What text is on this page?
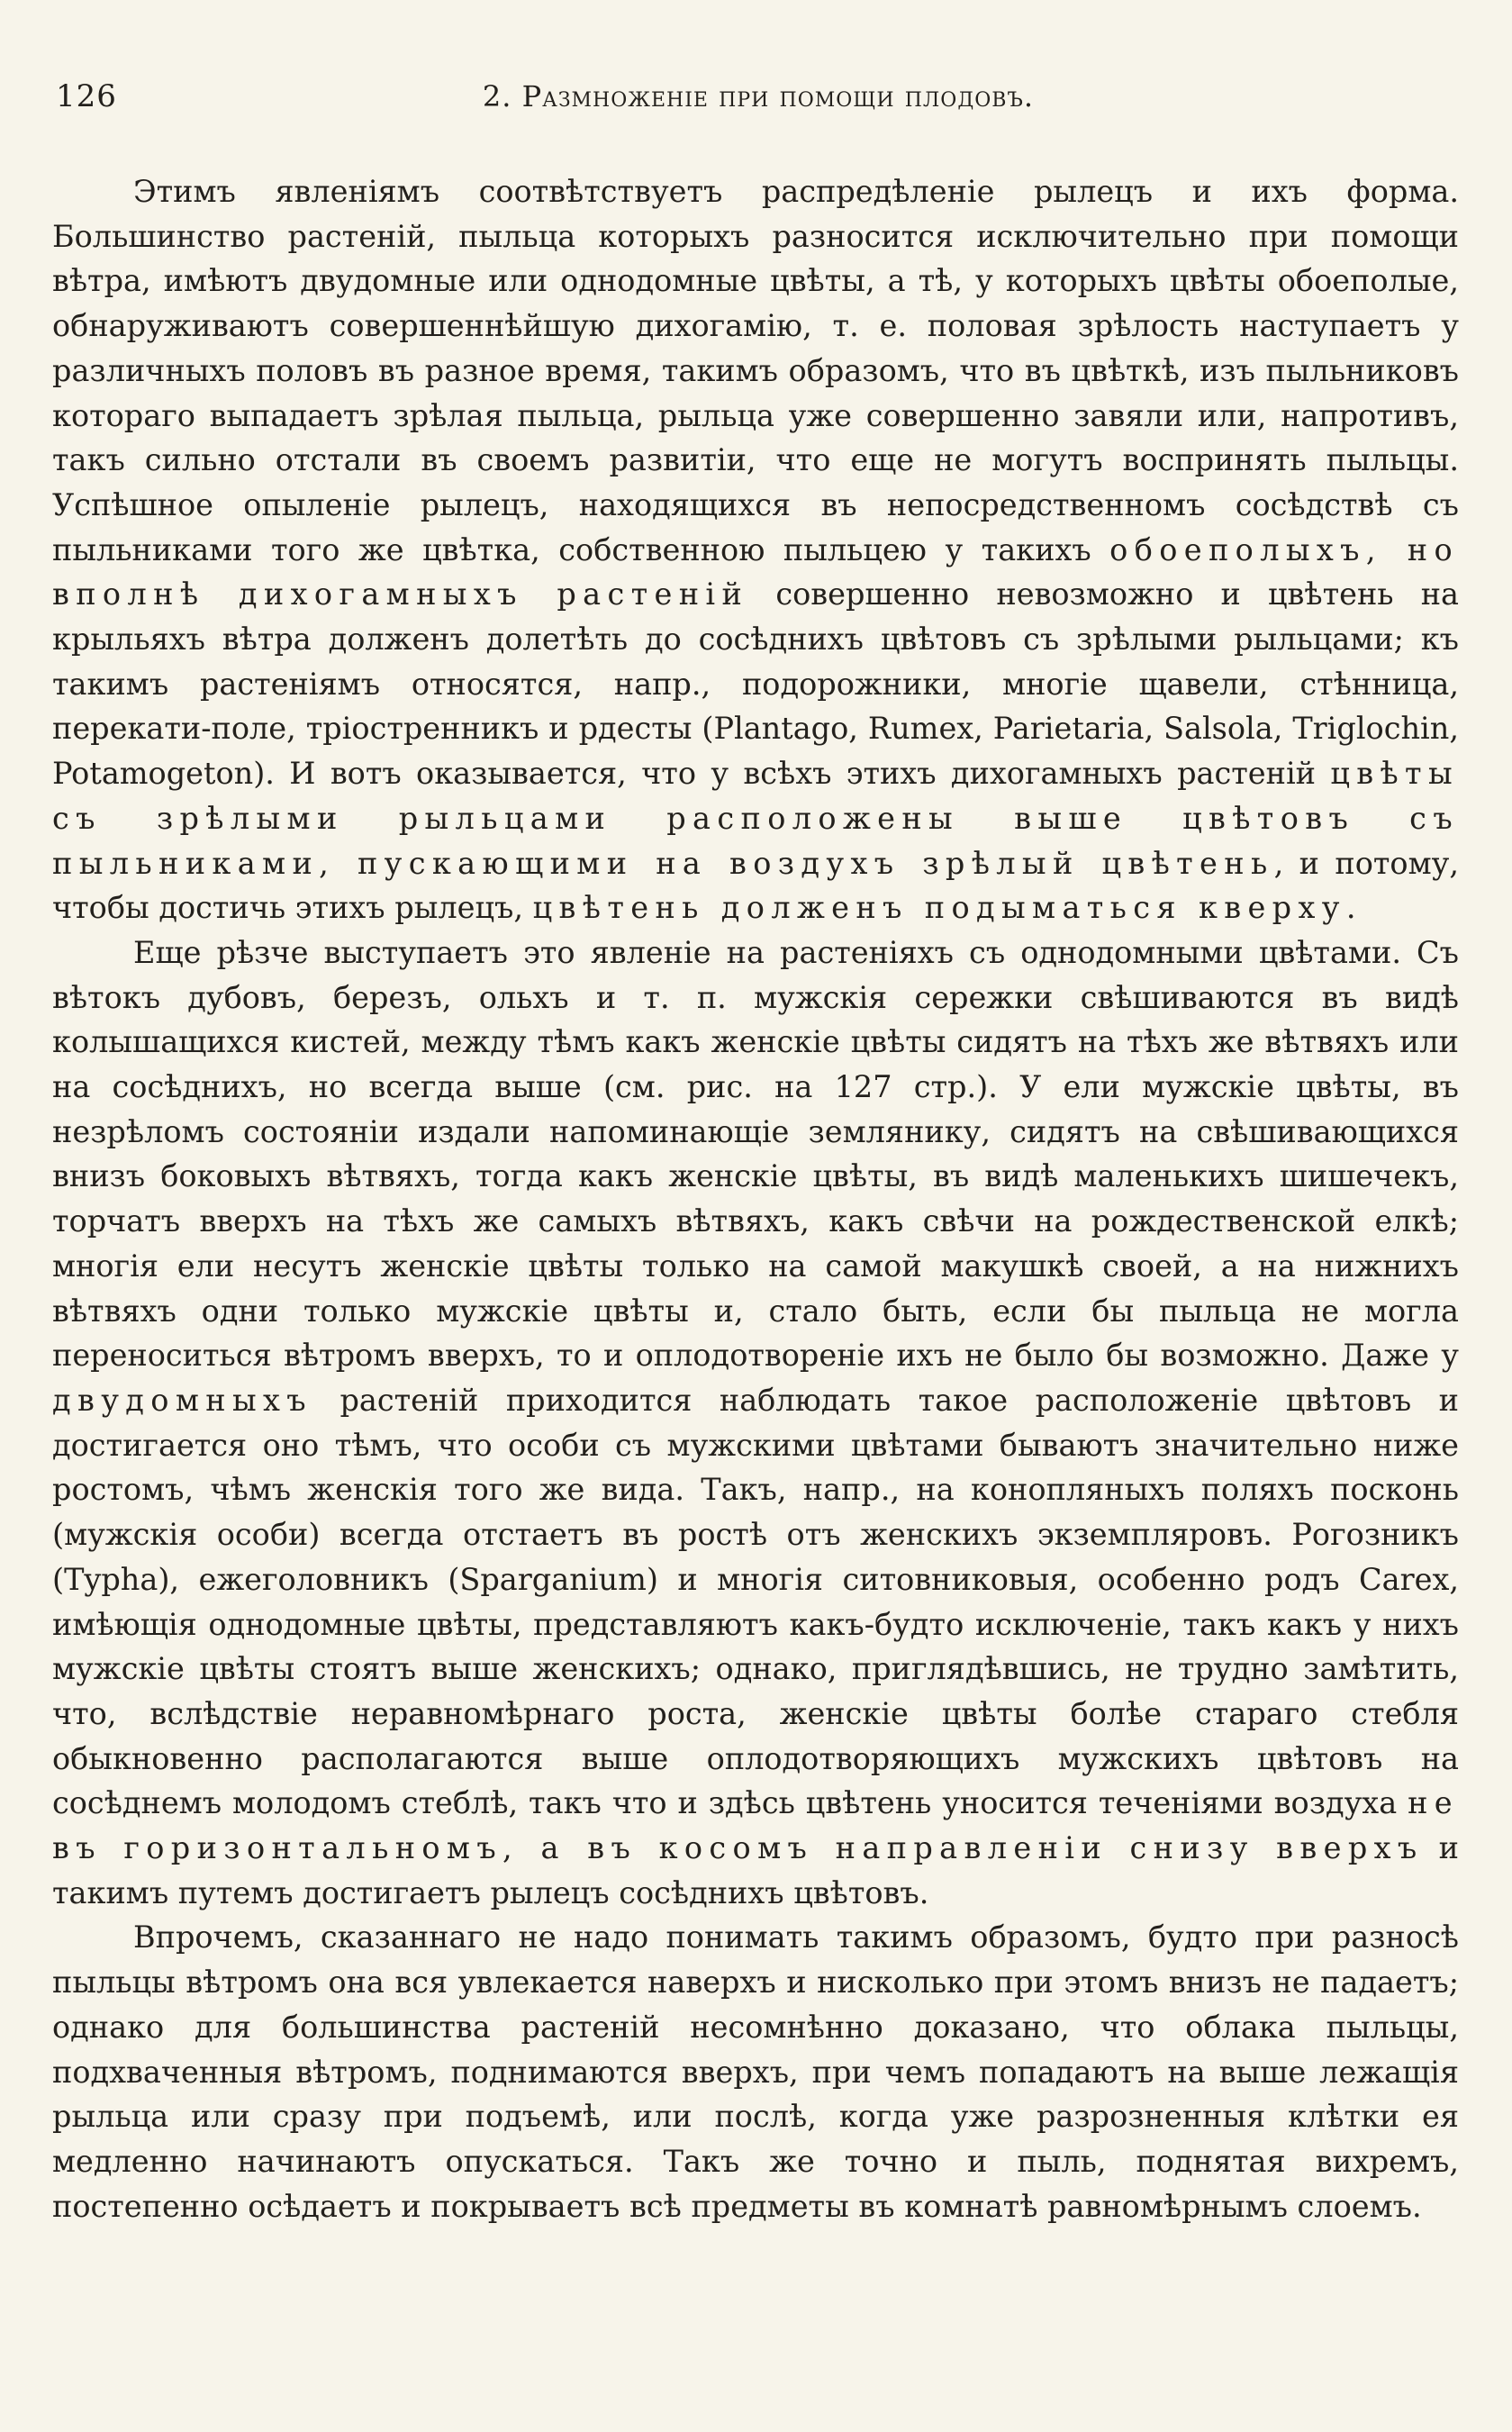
126	2. Размноженіе при помощи плодовъ.

Этимъ явленіямъ соотвѣтствуетъ распредѣленіе рылецъ и ихъ форма. Большинство растеній, пыльца которыхъ разносится исключительно при помощи вѣтра, имѣютъ двудомные или однодомные цвѣты, а тѣ, у которыхъ цвѣты обоеполые, обнаруживаютъ совершеннѣйшую дихогамію, т. е. половая зрѣлость наступаетъ у различныхъ половъ въ разное время, такимъ образомъ, что въ цвѣткѣ, изъ пыльниковъ котораго выпадаетъ зрѣлая пыльца, рыльца уже совершенно завяли или, напротивъ, такъ сильно отстали въ своемъ развитіи, что еще не могутъ воспринять пыльцы. Успѣшное опыленіе рылецъ, находящихся въ непосредственномъ сосѣдствѣ съ пыльниками того же цвѣтка, собственною пыльцею у такихъ обоеполыхъ, но вполнѣ дихогамныхъ растеній совершенно невозможно и цвѣтень на крыльяхъ вѣтра долженъ долетѣть до сосѣднихъ цвѣтовъ съ зрѣлыми рыльцами; къ такимъ растеніямъ относятся, напр., подорожники, многіе щавели, стѣнница, перекати-поле, тріостренникъ и рдесты (Plantago, Rumex, Parietaria, Salsola, Triglochin, Potamogeton). И вотъ оказывается, что у всѣхъ этихъ дихогамныхъ растеній цвѣты съ зрѣлыми рыльцами расположены выше цвѣтовъ съ пыльниками, пускающими на воздухъ зрѣлый цвѣтень, и потому, чтобы достичь этихъ рылецъ, цвѣтень долженъ подыматься кверху.

Еще рѣзче выступаетъ это явленіе на растеніяхъ съ однодомными цвѣтами. Съ вѣтокъ дубовъ, березъ, ольхъ и т. п. мужскія сережки свѣшиваются въ видѣ колышащихся кистей, между тѣмъ какъ женскіе цвѣты сидятъ на тѣхъ же вѣтвяхъ или на сосѣднихъ, но всегда выше (см. рис. на 127 стр.). У ели мужскіе цвѣты, въ незрѣломъ состояніи издали напоминающіе землянику, сидятъ на свѣшивающихся внизъ боковыхъ вѣтвяхъ, тогда какъ женскіе цвѣты, въ видѣ маленькихъ шишечекъ, торчатъ вверхъ на тѣхъ же самыхъ вѣтвяхъ, какъ свѣчи на рождественской елкѣ; многія ели несутъ женскіе цвѣты только на самой макушкѣ своей, а на нижнихъ вѣтвяхъ одни только мужскіе цвѣты и, стало быть, если бы пыльца не могла переноситься вѣтромъ вверхъ, то и оплодотвореніе ихъ не было бы возможно. Даже у двудомныхъ растеній приходится наблюдать такое расположеніе цвѣтовъ и достигается оно тѣмъ, что особи съ мужскими цвѣтами бываютъ значительно ниже ростомъ, чѣмъ женскія того же вида. Такъ, напр., на конопляныхъ поляхъ посконь (мужскія особи) всегда отстаетъ въ ростѣ отъ женскихъ экземпляровъ. Рогозникъ (Typha), ежеголовникъ (Sparganium) и многія ситовниковыя, особенно родъ Carex, имѣющія однодомные цвѣты, представляютъ какъ-будто исключеніе, такъ какъ у нихъ мужскіе цвѣты стоятъ выше женскихъ; однако, приглядѣвшись, не трудно замѣтить, что, вслѣдствіе неравномѣрнаго роста, женскіе цвѣты болѣе стараго стебля обыкновенно располагаются выше оплодотворяющихъ мужскихъ цвѣтовъ на сосѣднемъ молодомъ стеблѣ, такъ что и здѣсь цвѣтень уносится теченіями воздуха не въ горизонтальномъ, а въ косомъ направленіи снизу вверхъ и такимъ путемъ достигаетъ рылецъ сосѣднихъ цвѣтовъ.

Впрочемъ, сказаннаго не надо понимать такимъ образомъ, будто при разносѣ пыльцы вѣтромъ она вся увлекается наверхъ и нисколько при этомъ внизъ не падаетъ; однако для большинства растеній несомнѣнно доказано, что облака пыльцы, подхваченныя вѣтромъ, поднимаются вверхъ, при чемъ попадаютъ на выше лежащія рыльца или сразу при подъемѣ, или послѣ, когда уже разрозненныя клѣтки ея медленно начинаютъ опускаться. Такъ же точно и пыль, поднятая вихремъ, постепенно осѣдаетъ и покрываетъ всѣ предметы въ комнатѣ равномѣрнымъ слоемъ.
